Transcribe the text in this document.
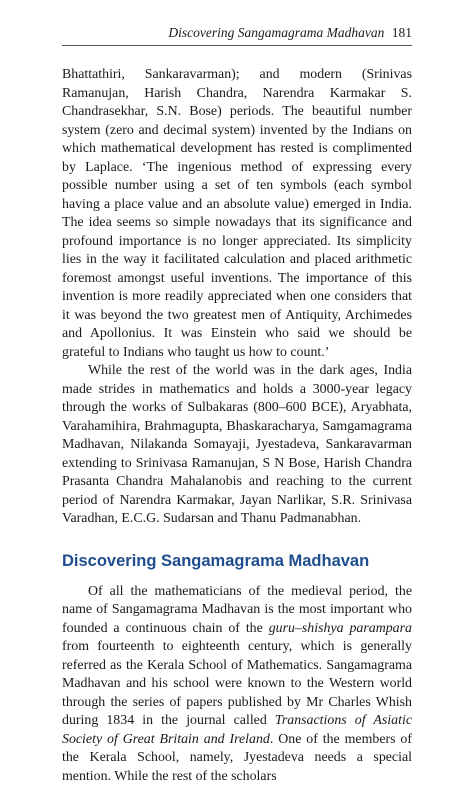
Discovering Sangamagrama Madhavan 181

Bhattathiri, Sankaravarman); and modern (Srinivas Ramanujan, Harish Chandra, Narendra Karmakar S. Chandrasekhar, S.N. Bose) periods. The beautiful number system (zero and decimal system) invented by the Indians on which mathematical development has rested is complimented by Laplace. ‘The ingenious method of expressing every possible number using a set of ten symbols (each symbol having a place value and an absolute value) emerged in India. The idea seems so simple nowadays that its significance and profound importance is no longer appreciated. Its simplicity lies in the way it facilitated calculation and placed arithmetic foremost amongst useful inventions. The importance of this invention is more readily appreciated when one considers that it was beyond the two greatest men of Antiquity, Archimedes and Apollonius. It was Einstein who said we should be grateful to Indians who taught us how to count.’

While the rest of the world was in the dark ages, India made strides in mathematics and holds a 3000-year legacy through the works of Sulbakaras (800–600 BCE), Aryabhata, Varahamihira, Brahmagupta, Bhaskaracharya, Samgamagrama Madhavan, Nilakanda Somayaji, Jyestadeva, Sankaravarman extending to Srinivasa Ramanujan, S N Bose, Harish Chandra Prasanta Chandra Mahalanobis and reaching to the current period of Narendra Karmakar, Jayan Narlikar, S.R. Srinivasa Varadhan, E.C.G. Sudarsan and Thanu Padmanabhan.

Discovering Sangamagrama Madhavan

Of all the mathematicians of the medieval period, the name of Sangamagrama Madhavan is the most important who founded a continuous chain of the guru–shishya parampara from fourteenth to eighteenth century, which is generally referred as the Kerala School of Mathematics. Sangamagrama Madhavan and his school were known to the Western world through the series of papers published by Mr Charles Whish during 1834 in the journal called Transactions of Asiatic Society of Great Britain and Ireland. One of the members of the Kerala School, namely, Jyestadeva needs a special mention. While the rest of the scholars
